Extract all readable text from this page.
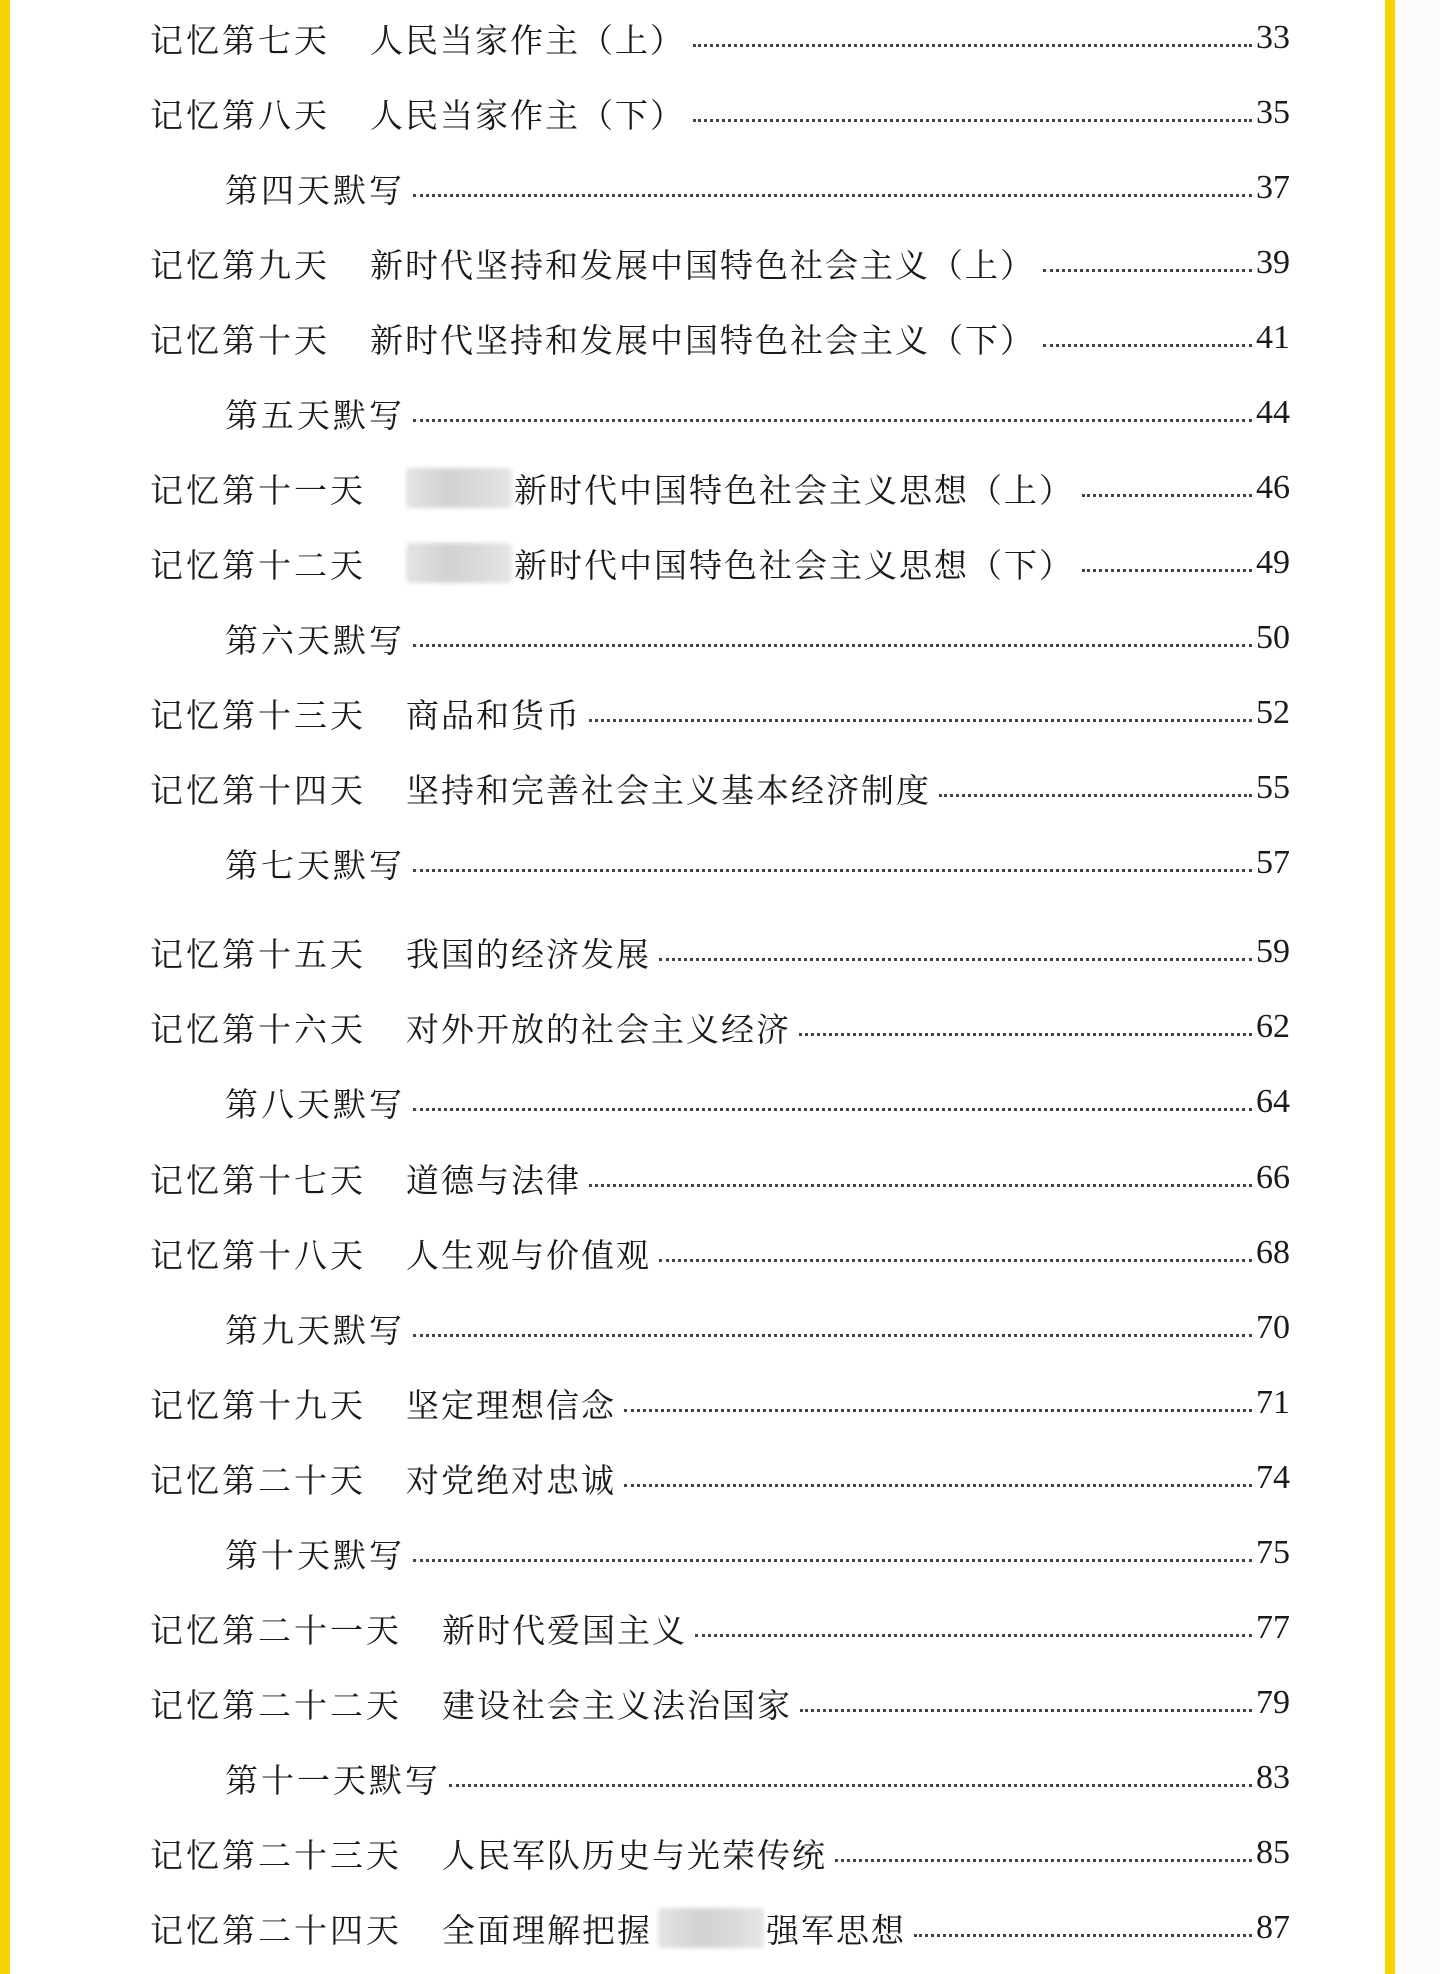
记忆第七天 人民当家作主（上）	33
记忆第八天 人民当家作主（下）	35
第四天默写	37
记忆第九天 新时代坚持和发展中国特色社会主义（上）	39
记忆第十天 新时代坚持和发展中国特色社会主义（下）	41
第五天默写	44
记忆第十一天	新时代中国特色社会主义思想（上）	46
记忆第十二天	新时代中国特色社会主义思想（下）	49
第六天默写	50
记忆第十三天 商品和货币	52
记忆第十四天 坚持和完善社会主义基本经济制度	55
第七天默写	57
记忆第十五天 我国的经济发展	59
记忆第十六天 对外开放的社会主义经济	62
第八天默写	64
记忆第十七天 道德与法律	66
记忆第十八天 人生观与价值观	68
第九天默写	70
记忆第十九天 坚定理想信念	71
记忆第二十天 对党绝对忠诚	74
第十天默写	75
记忆第二十一天 新时代爱国主义	77
记忆第二十二天 建设社会主义法治国家	79
第十一天默写	83
记忆第二十三天 人民军队历史与光荣传统	85
记忆第二十四天 全面理解把握	强军思想	87
